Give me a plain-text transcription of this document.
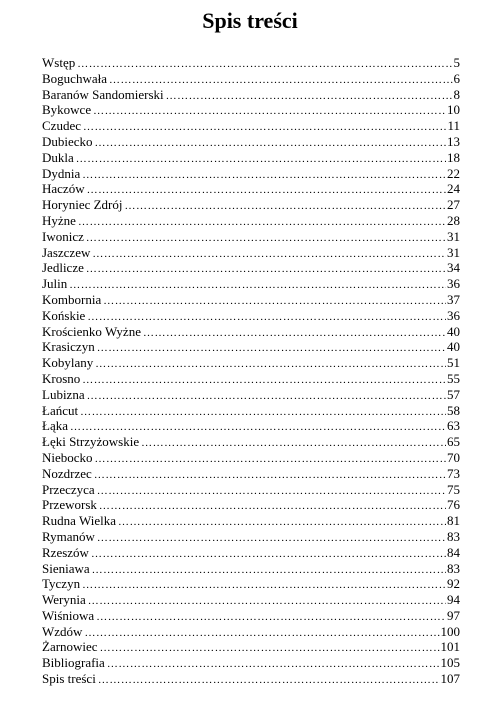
Spis treści
Wstęp ……………………………………………………………………………………………………………………………………………………………………	5
Boguchwała ……………………………………………………………………………………………………………………………………………………………………	6
Baranów Sandomierski ……………………………………………………………………………………………………………………………………………………………………	8
Bykowce ……………………………………………………………………………………………………………………………………………………………………	10
Czudec ……………………………………………………………………………………………………………………………………………………………………	11
Dubiecko ……………………………………………………………………………………………………………………………………………………………………	13
Dukla ……………………………………………………………………………………………………………………………………………………………………	18
Dydnia ……………………………………………………………………………………………………………………………………………………………………	22
Haczów ……………………………………………………………………………………………………………………………………………………………………	24
Horyniec Zdrój ……………………………………………………………………………………………………………………………………………………………………	27
Hyżne ……………………………………………………………………………………………………………………………………………………………………	28
Iwonicz ……………………………………………………………………………………………………………………………………………………………………	31
Jaszczew ……………………………………………………………………………………………………………………………………………………………………	31
Jedlicze ……………………………………………………………………………………………………………………………………………………………………	34
Julin ……………………………………………………………………………………………………………………………………………………………………	36
Kombornia ……………………………………………………………………………………………………………………………………………………………………	37
Końskie ……………………………………………………………………………………………………………………………………………………………………	36
Krościenko Wyżne ……………………………………………………………………………………………………………………………………………………………………	40
Krasiczyn ……………………………………………………………………………………………………………………………………………………………………	40
Kobylany ……………………………………………………………………………………………………………………………………………………………………	51
Krosno ……………………………………………………………………………………………………………………………………………………………………	55
Lubizna ……………………………………………………………………………………………………………………………………………………………………	57
Łańcut ……………………………………………………………………………………………………………………………………………………………………	58
Łąka ……………………………………………………………………………………………………………………………………………………………………	63
Łęki Strzyżowskie ……………………………………………………………………………………………………………………………………………………………………	65
Niebocko ……………………………………………………………………………………………………………………………………………………………………	70
Nozdrzec ……………………………………………………………………………………………………………………………………………………………………	73
Przeczyca ……………………………………………………………………………………………………………………………………………………………………	75
Przeworsk ……………………………………………………………………………………………………………………………………………………………………	76
Rudna Wielka ……………………………………………………………………………………………………………………………………………………………………	81
Rymanów ……………………………………………………………………………………………………………………………………………………………………	83
Rzeszów ……………………………………………………………………………………………………………………………………………………………………	84
Sieniawa ……………………………………………………………………………………………………………………………………………………………………	83
Tyczyn ……………………………………………………………………………………………………………………………………………………………………	92
Werynia ……………………………………………………………………………………………………………………………………………………………………	94
Wiśniowa ……………………………………………………………………………………………………………………………………………………………………	97
Wzdów ……………………………………………………………………………………………………………………………………………………………………	100
Żarnowiec ……………………………………………………………………………………………………………………………………………………………………	101
Bibliografia ……………………………………………………………………………………………………………………………………………………………………	105
Spis treści ……………………………………………………………………………………………………………………………………………………………………	107
